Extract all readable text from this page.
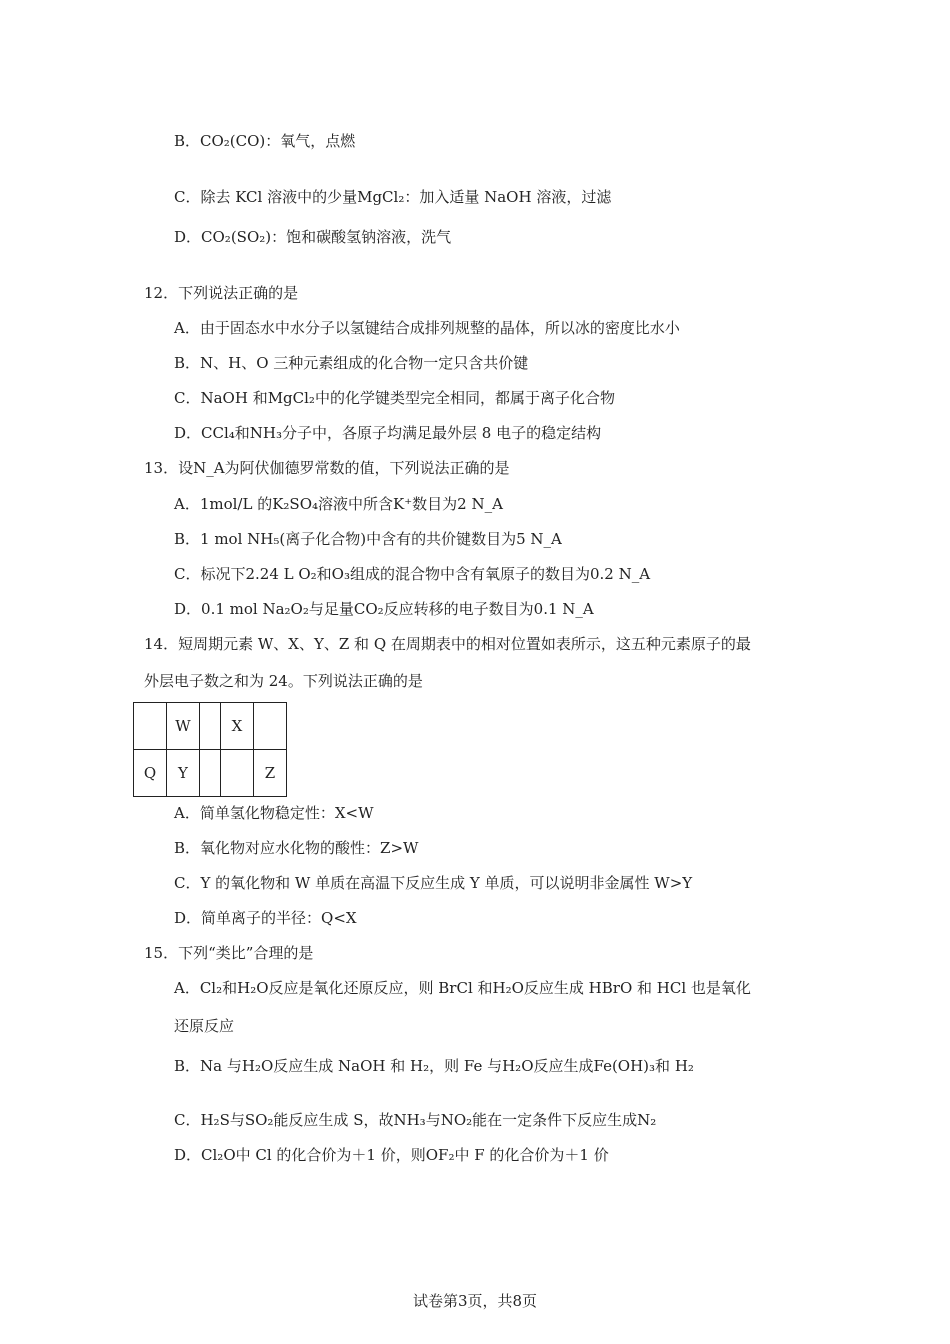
B．CO₂(CO)：氧气，点燃
C．除去 KCl 溶液中的少量MgCl₂：加入适量 NaOH 溶液，过滤
D．CO₂(SO₂)：饱和碳酸氢钠溶液，洗气
12．下列说法正确的是
A．由于固态水中水分子以氢键结合成排列规整的晶体，所以冰的密度比水小
B．N、H、O 三种元素组成的化合物一定只含共价键
C．NaOH 和MgCl₂中的化学键类型完全相同，都属于离子化合物
D．CCl₄和NH₃分子中，各原子均满足最外层 8 电子的稳定结构
13．设N_A为阿伏伽德罗常数的值，下列说法正确的是
A．1mol/L 的K₂SO₄溶液中所含K⁺数目为2 N_A
B．1 mol NH₅(离子化合物)中含有的共价键数目为5 N_A
C．标况下2.24 L O₂和O₃组成的混合物中含有氧原子的数目为0.2 N_A
D．0.1 mol Na₂O₂与足量CO₂反应转移的电子数目为0.1 N_A
14．短周期元素 W、X、Y、Z 和 Q 在周期表中的相对位置如表所示，这五种元素原子的最
外层电子数之和为 24。下列说法正确的是
	W		X	
Q	Y			Z
A．简单氢化物稳定性：X<W
B．氧化物对应水化物的酸性：Z>W
C．Y 的氧化物和 W 单质在高温下反应生成 Y 单质，可以说明非金属性 W>Y
D．简单离子的半径：Q<X
15．下列“类比”合理的是
A．Cl₂和H₂O反应是氧化还原反应，则 BrCl 和H₂O反应生成 HBrO 和 HCl 也是氧化
还原反应
B．Na 与H₂O反应生成 NaOH 和 H₂，则 Fe 与H₂O反应生成Fe(OH)₃和 H₂
C．H₂S与SO₂能反应生成 S，故NH₃与NO₂能在一定条件下反应生成N₂
D．Cl₂O中 Cl 的化合价为＋1 价，则OF₂中 F 的化合价为＋1 价
试卷第3页，共8页
